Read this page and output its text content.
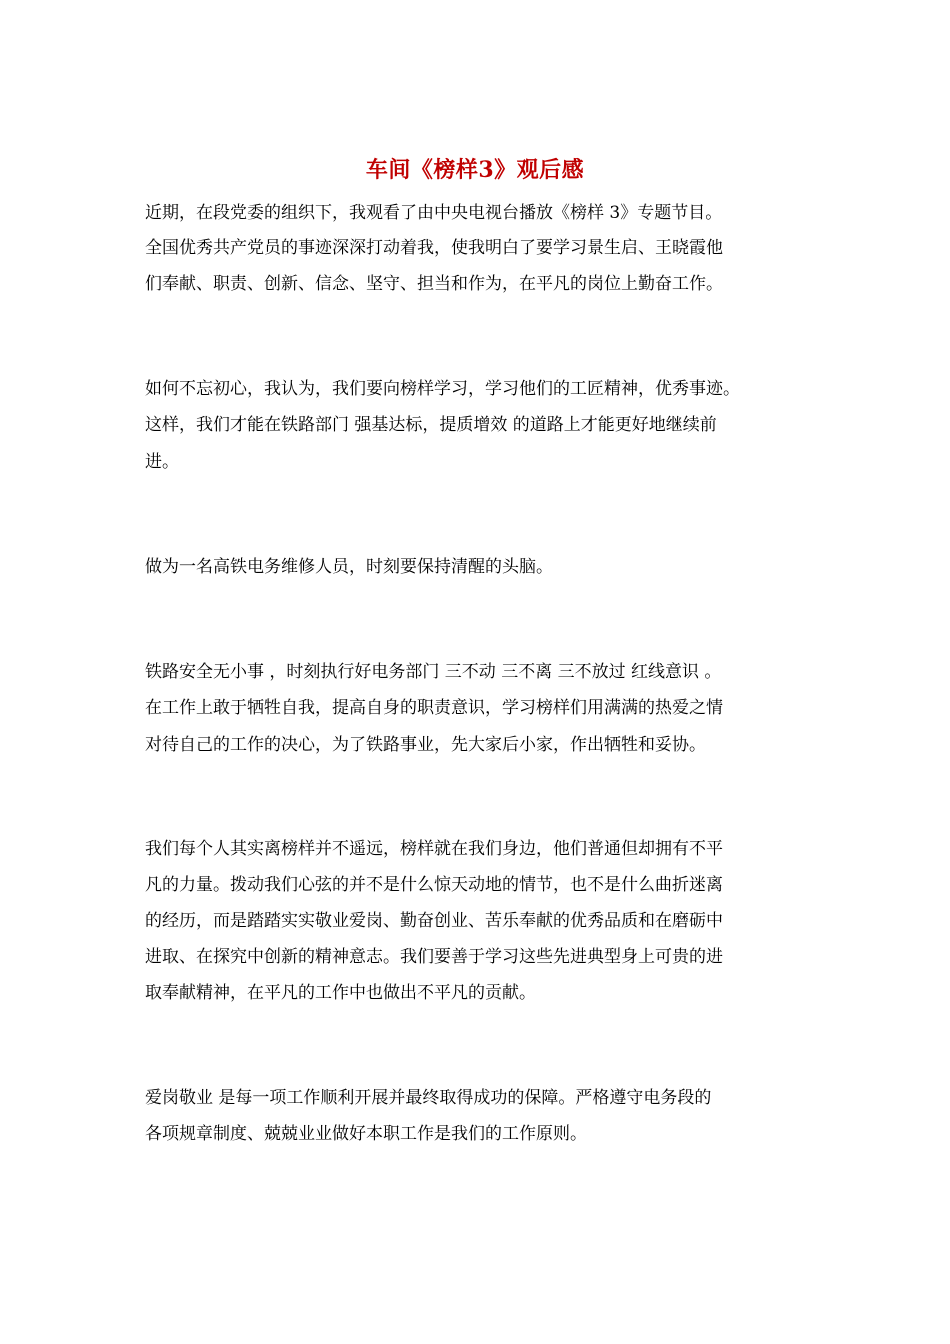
车间《榜样3》观后感

近期，在段党委的组织下，我观看了由中央电视台播放《榜样 3》专题节目。

全国优秀共产党员的事迹深深打动着我，使我明白了要学习景生启、王晓霞他

们奉献、职责、创新、信念、坚守、担当和作为，在平凡的岗位上勤奋工作。

如何不忘初心，我认为，我们要向榜样学习，学习他们的工匠精神，优秀事迹。

这样，我们才能在铁路部门 强基达标，提质增效 的道路上才能更好地继续前

进。

做为一名高铁电务维修人员，时刻要保持清醒的头脑。

铁路安全无小事 ，时刻执行好电务部门 三不动 三不离 三不放过 红线意识 。

在工作上敢于牺牲自我，提高自身的职责意识，学习榜样们用满满的热爱之情

对待自己的工作的决心，为了铁路事业，先大家后小家，作出牺牲和妥协。

我们每个人其实离榜样并不遥远，榜样就在我们身边，他们普通但却拥有不平

凡的力量。拨动我们心弦的并不是什么惊天动地的情节，也不是什么曲折迷离

的经历，而是踏踏实实敬业爱岗、勤奋创业、苦乐奉献的优秀品质和在磨砺中

进取、在探究中创新的精神意志。我们要善于学习这些先进典型身上可贵的进

取奉献精神，在平凡的工作中也做出不平凡的贡献。

爱岗敬业 是每一项工作顺利开展并最终取得成功的保障。严格遵守电务段的

各项规章制度、兢兢业业做好本职工作是我们的工作原则。
